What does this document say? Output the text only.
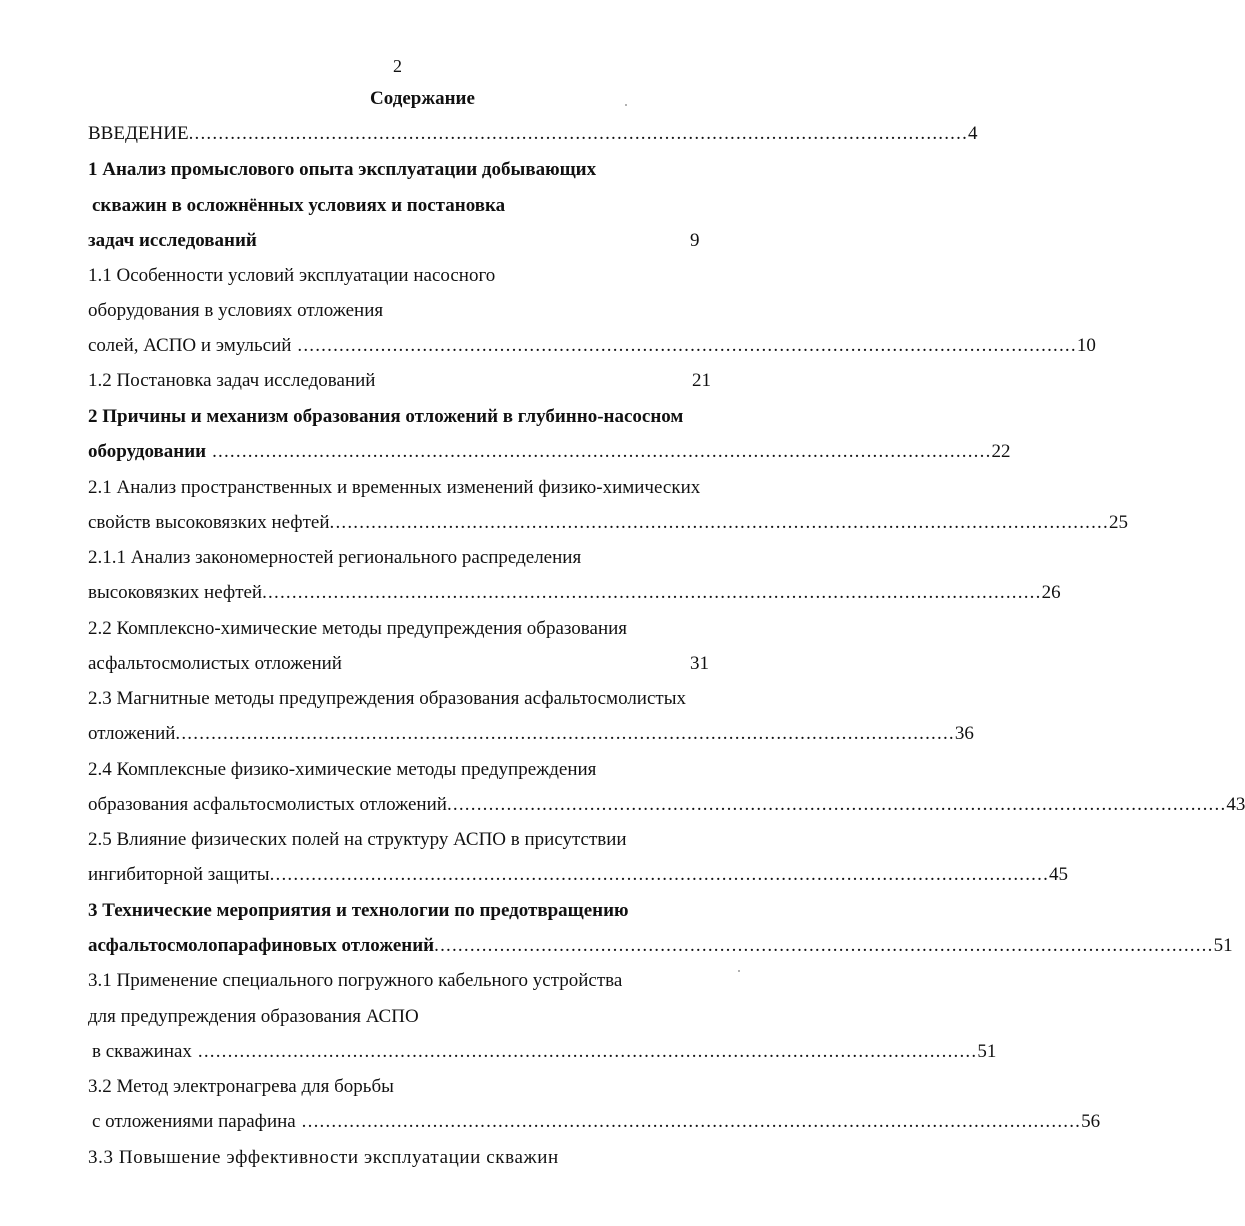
2
Содержание
ВВЕДЕНИЕ ................................................................................................................................... 4
1 Анализ промыслового опыта эксплуатации добывающих
скважин в осложнённых условиях и постановка
задач исследований	9
1.1 Особенности условий эксплуатации насосного
оборудования в условиях отложения
солей, АСПО и эмульсий ................................................................................................................................... 10
1.2 Постановка задач исследований	21
2 Причины и механизм образования отложений в глубинно-насосном
оборудовании ................................................................................................................................... 22
2.1 Анализ пространственных и временных изменений физико-химических
свойств высоковязких нефтей ................................................................................................................................... 25
2.1.1 Анализ закономерностей регионального распределения
высоковязких нефтей ................................................................................................................................... 26
2.2 Комплексно-химические методы предупреждения образования
асфальтосмолистых отложений	31
2.3 Магнитные методы предупреждения образования асфальтосмолистых
отложений ................................................................................................................................... 36
2.4 Комплексные физико-химические методы предупреждения
образования асфальтосмолистых отложений ................................................................................................................................... 43
2.5 Влияние физических полей на структуру АСПО в присутствии
ингибиторной защиты ................................................................................................................................... 45
3 Технические мероприятия и технологии по предотвращению
асфальтосмолопарафиновых отложений ................................................................................................................................... 51
3.1 Применение специального погружного кабельного устройства
для предупреждения образования АСПО
в скважинах ................................................................................................................................... 51
3.2 Метод электронагрева для борьбы
с отложениями парафина ................................................................................................................................... 56
3.3 Повышение эффективности эксплуатации скважин
